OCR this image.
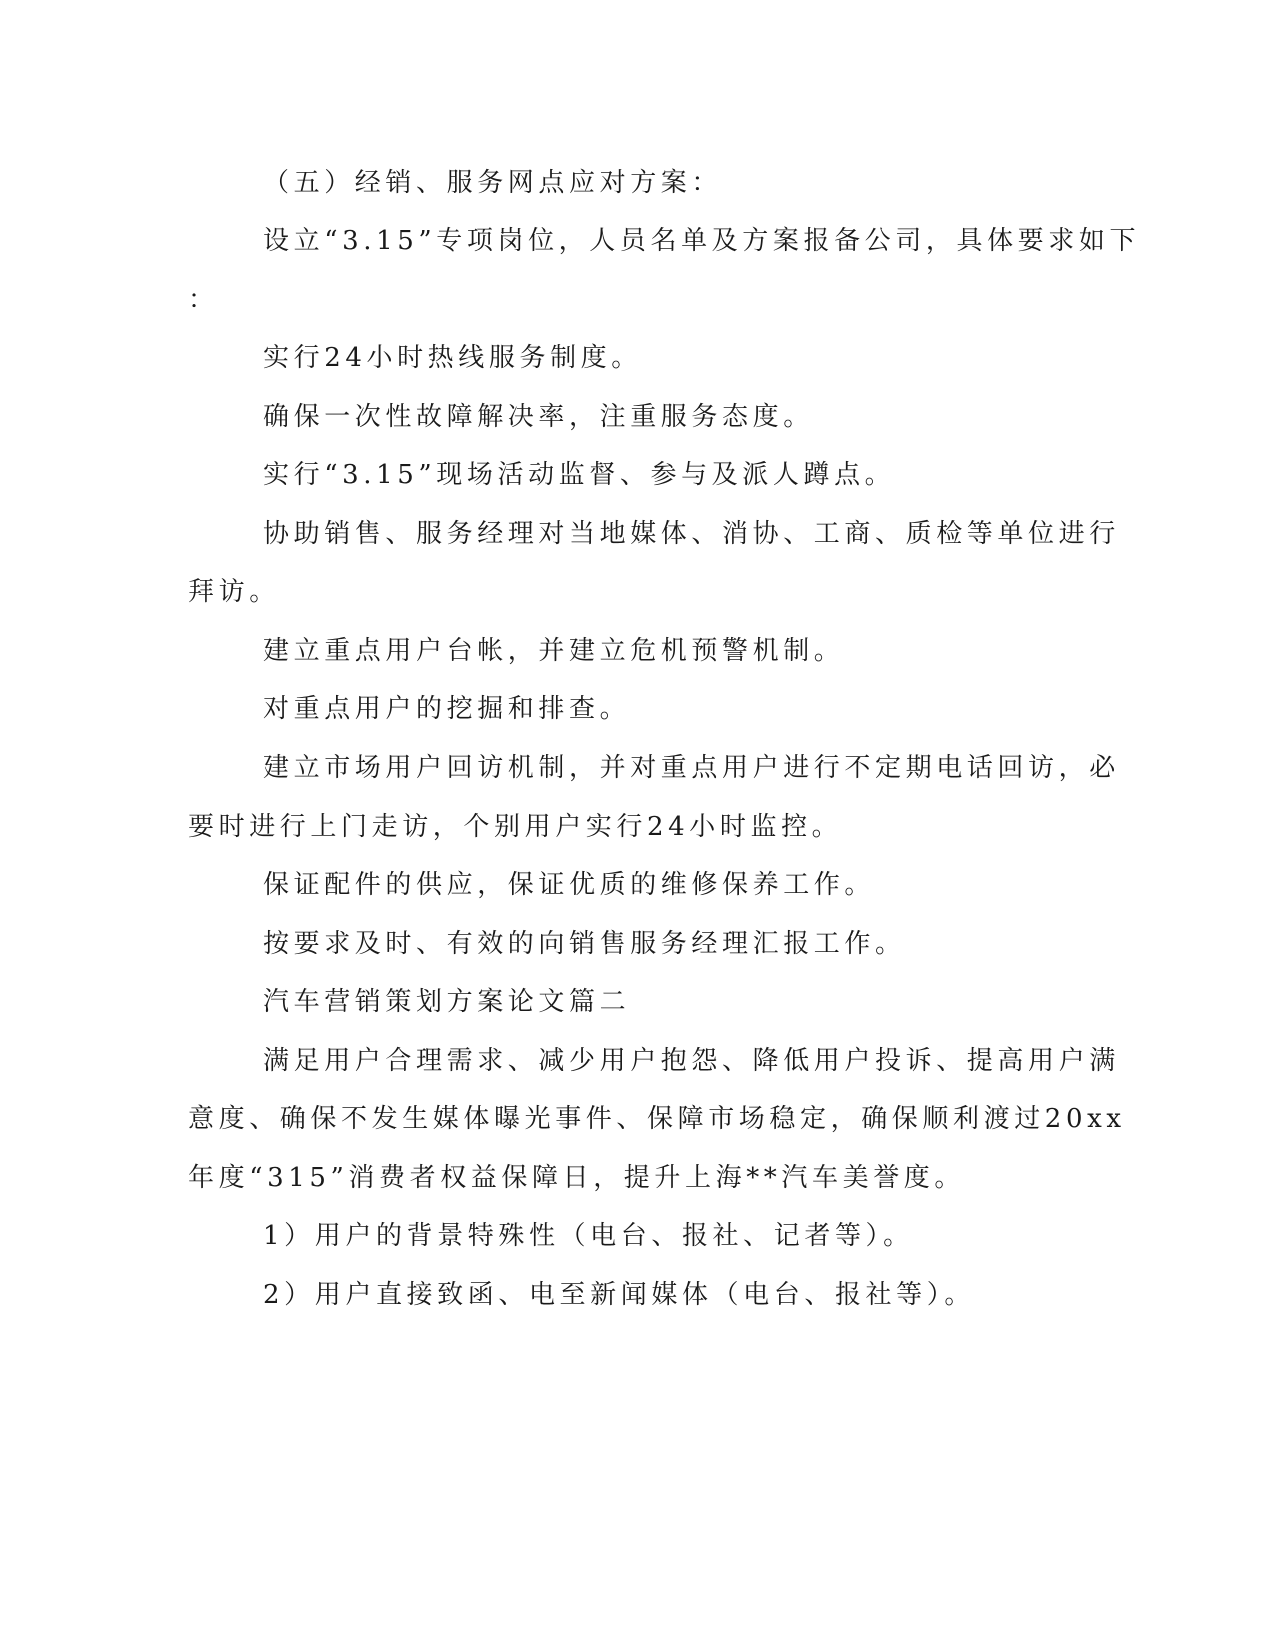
（五）经销、服务网点应对方案：

设立“3.15”专项岗位，人员名单及方案报备公司，具体要求如下

：

实行24小时热线服务制度。

确保一次性故障解决率，注重服务态度。

实行“3.15”现场活动监督、参与及派人蹲点。

协助销售、服务经理对当地媒体、消协、工商、质检等单位进行

拜访。

建立重点用户台帐，并建立危机预警机制。

对重点用户的挖掘和排查。

建立市场用户回访机制，并对重点用户进行不定期电话回访，必

要时进行上门走访，个别用户实行24小时监控。

保证配件的供应，保证优质的维修保养工作。

按要求及时、有效的向销售服务经理汇报工作。

汽车营销策划方案论文篇二

满足用户合理需求、减少用户抱怨、降低用户投诉、提高用户满

意度、确保不发生媒体曝光事件、保障市场稳定，确保顺利渡过20xx

年度“315”消费者权益保障日，提升上海**汽车美誉度。

1）用户的背景特殊性（电台、报社、记者等）。

2）用户直接致函、电至新闻媒体（电台、报社等）。
